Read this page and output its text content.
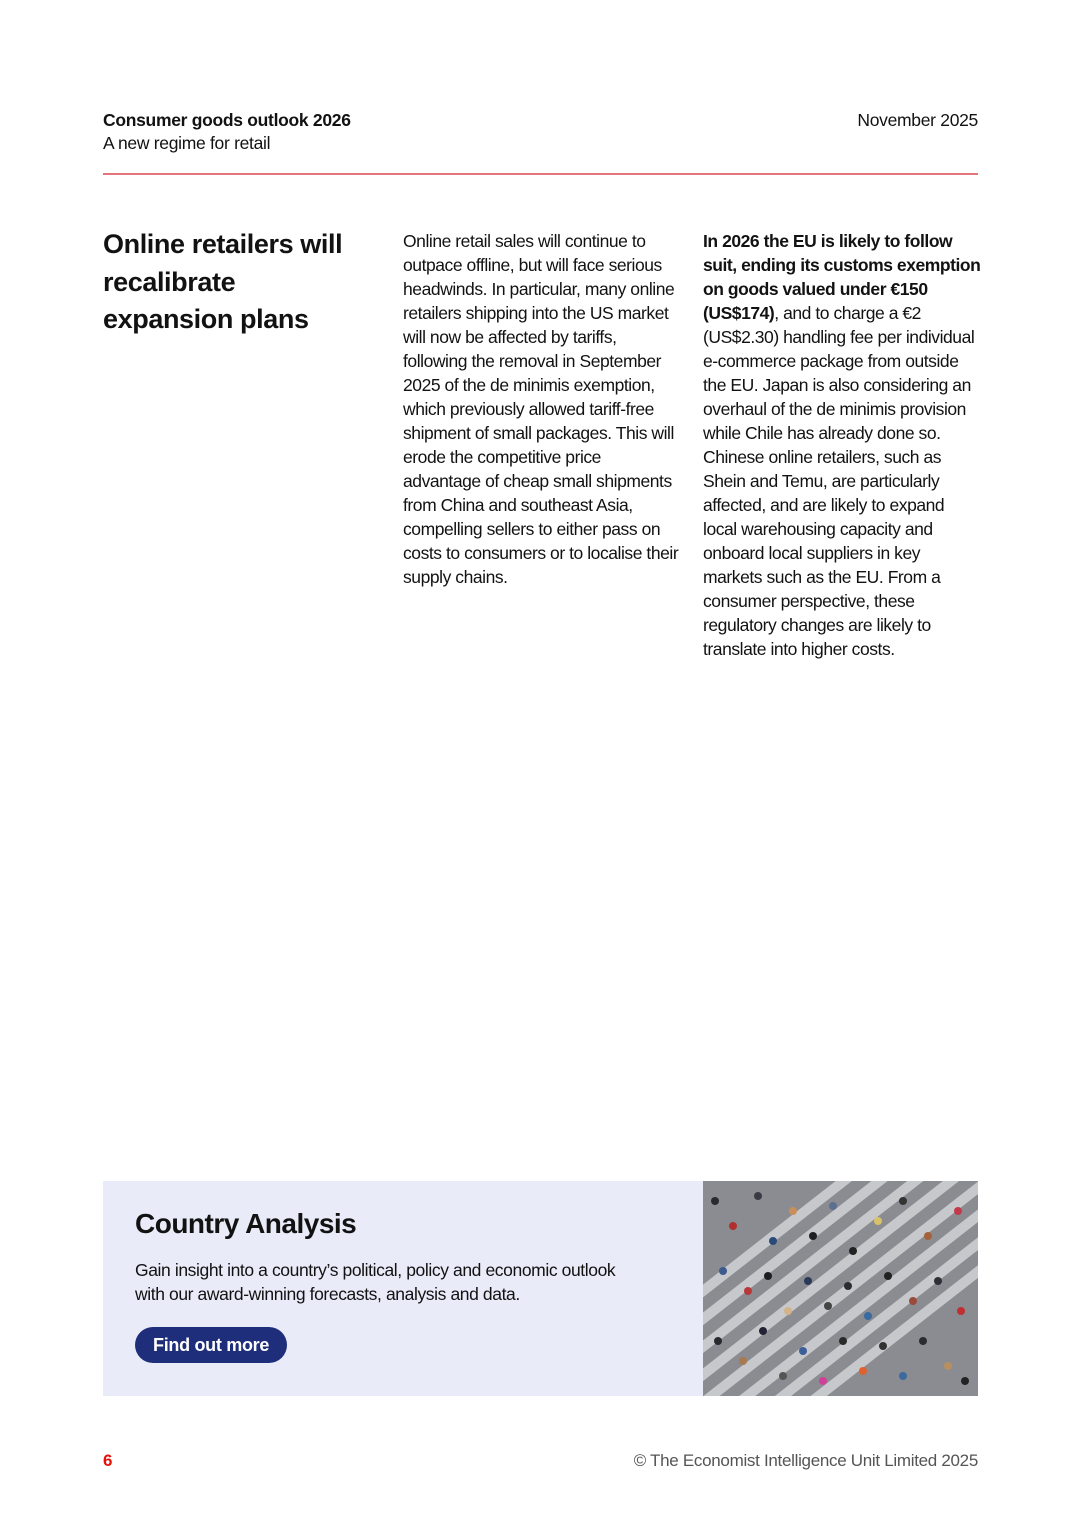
Consumer goods outlook 2026
A new regime for retail
November 2025
Online retailers will recalibrate expansion plans

Online retail sales will continue to outpace offline, but will face serious headwinds. In particular, many online retailers shipping into the US market will now be affected by tariffs, following the removal in September 2025 of the de minimis exemption, which previously allowed tariff-free shipment of small packages. This will erode the competitive price advantage of cheap small shipments from China and southeast Asia, compelling sellers to either pass on costs to consumers or to localise their supply chains.

In 2026 the EU is likely to follow suit, ending its customs exemption on goods valued under €150 (US$174), and to charge a €2 (US$2.30) handling fee per individual e-commerce package from outside the EU. Japan is also considering an overhaul of the de minimis provision while Chile has already done so. Chinese online retailers, such as Shein and Temu, are particularly affected, and are likely to expand local warehousing capacity and onboard local suppliers in key markets such as the EU. From a consumer perspective, these regulatory changes are likely to translate into higher costs.

Country Analysis

Gain insight into a country’s political, policy and economic outlook with our award-winning forecasts, analysis and data.

Find out more
6	© The Economist Intelligence Unit Limited 2025
